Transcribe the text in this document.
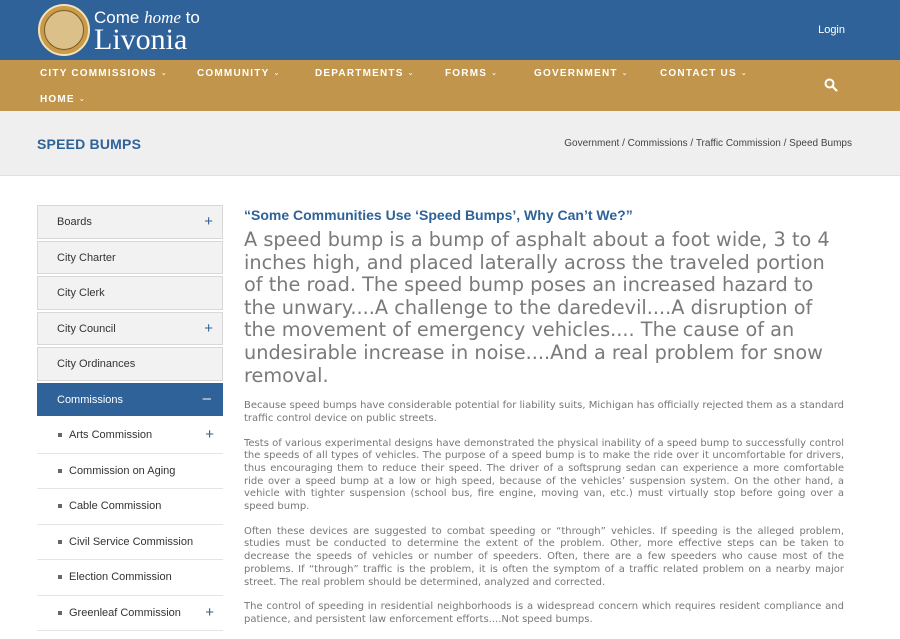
Come home to
Livonia	Login
CITY COMMISSIONS ⌄	COMMUNITY ⌄	DEPARTMENTS ⌄	FORMS ⌄	GOVERNMENT ⌄	CONTACT US ⌄
HOME ⌄
SPEED BUMPS	Government / Commissions / Traffic Commission / Speed Bumps
Boards	+
City Charter
City Clerk
City Council	+
City Ordinances
Commissions	–
Arts Commission	+
Commission on Aging
Cable Commission
Civil Service Commission
Election Commission
Greenleaf Commission +
“Some Communities Use ‘Speed Bumps’, Why Can’t We?”

A speed bump is a bump of asphalt about a foot wide, 3 to 4 inches high, and placed laterally across the traveled portion of the road. The speed bump poses an increased hazard to the unwary....A challenge to the daredevil....A disruption of the movement of emergency vehicles.... The cause of an undesirable increase in noise....And a real problem for snow removal.

Because speed bumps have considerable potential for liability suits, Michigan has officially rejected them as a standard traffic control device on public streets.

Tests of various experimental designs have demonstrated the physical inability of a speed bump to successfully control the speeds of all types of vehicles. The purpose of a speed bump is to make the ride over it uncomfortable for drivers, thus encouraging them to reduce their speed. The driver of a softsprung sedan can experience a more comfortable ride over a speed bump at a low or high speed, because of the vehicles’ suspension system. On the other hand, a vehicle with tighter suspension (school bus, fire engine, moving van, etc.) must virtually stop before going over a speed bump.

Often these devices are suggested to combat speeding or “through” vehicles. If speeding is the alleged problem, studies must be conducted to determine the extent of the problem. Other, more effective steps can be taken to decrease the speeds of vehicles or number of speeders. Often, there are a few speeders who cause most of the problems. If “through” traffic is the problem, it is often the symptom of a traffic related problem on a nearby major street. The real problem should be determined, analyzed and corrected.

The control of speeding in residential neighborhoods is a widespread concern which requires resident compliance and patience, and persistent law enforcement efforts....Not speed bumps.
